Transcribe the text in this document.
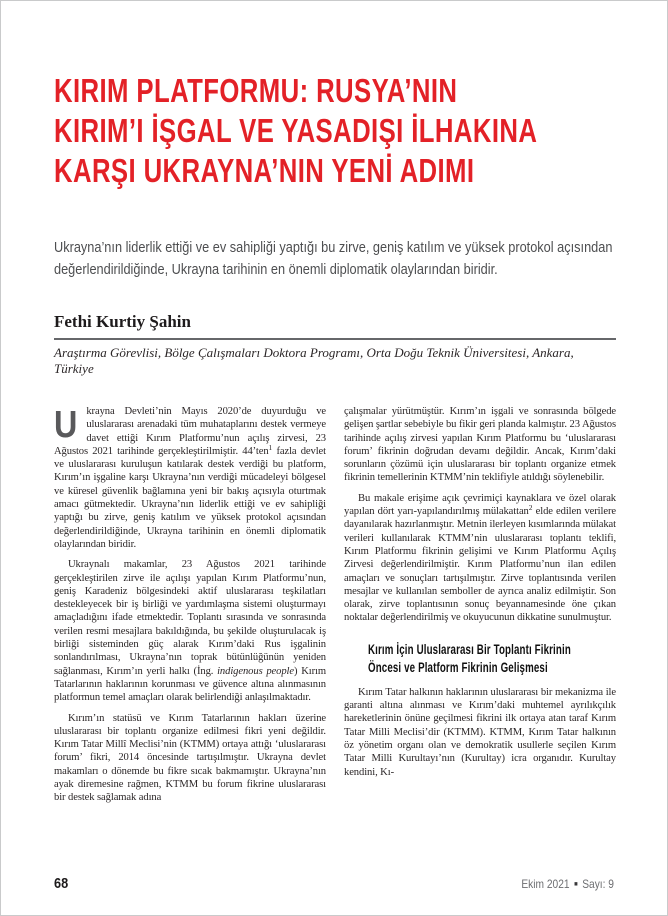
KIRIM PLATFORMU: RUSYA’NIN
KIRIM’I İŞGAL VE YASADIŞI İLHAKINA
KARŞI UKRAYNA’NIN YENİ ADIMI
Ukrayna’nın liderlik ettiği ve ev sahipliği yaptığı bu zirve, geniş katılım ve yüksek protokol açısından değerlendirildiğinde, Ukrayna tarihinin en önemli diplomatik olaylarından biridir.
Fethi Kurtiy Şahin
Araştırma Görevlisi, Bölge Çalışmaları Doktora Programı, Orta Doğu Teknik Üniversitesi, Ankara, Türkiye

Ukrayna Devleti’nin Mayıs 2020’de duyurduğu ve uluslararası arenadaki tüm muhataplarını destek vermeye davet ettiği Kırım Platformu’nun açılış zirvesi, 23 Ağustos 2021 tarihinde gerçekleştirilmiştir. 44’ten$^1$ fazla devlet ve uluslararası kuruluşun katılarak destek verdiği bu platform, Kırım’ın işgaline karşı Ukrayna’nın verdiği mücadeleyi bölgesel ve küresel güvenlik bağlamına yeni bir bakış açısıyla oturtmak amacı gütmektedir. Ukrayna’nın liderlik ettiği ve ev sahipliği yaptığı bu zirve, geniş katılım ve yüksek protokol açısından değerlendirildiğinde, Ukrayna tarihinin en önemli diplomatik olaylarından biridir.

Ukraynalı makamlar, 23 Ağustos 2021 tarihinde gerçekleştirilen zirve ile açılışı yapılan Kırım Platformu’nun, geniş Karadeniz bölgesindeki aktif uluslararası teşkilatları destekleyecek bir iş birliği ve yardımlaşma sistemi oluşturmayı amaçladığını ifade etmektedir. Toplantı sırasında ve sonrasında verilen resmi mesajlara bakıldığında, bu şekilde oluşturulacak iş birliği sisteminden güç alarak Kırım’daki Rus işgalinin sonlandırılması, Ukrayna’nın toprak bütünlüğünün yeniden sağlanması, Kırım’ın yerli halkı (İng. indigenous people) Kırım Tatarlarının haklarının korunması ve güvence altına alınmasının platformun temel amaçları olarak belirlendiği anlaşılmaktadır.

Kırım’ın statüsü ve Kırım Tatarlarının hakları üzerine uluslararası bir toplantı organize edilmesi fikri yeni değildir. Kırım Tatar Millî Meclisi’nin (KTMM) ortaya attığı ‘uluslararası forum’ fikri, 2014 öncesinde tartışılmıştır. Ukrayna devlet makamları o dönemde bu fikre sıcak bakmamıştır. Ukrayna’nın ayak diremesine rağmen, KTMM bu forum fikrine uluslararası bir destek sağlamak adına

çalışmalar yürütmüştür. Kırım’ın işgali ve sonrasında bölgede gelişen şartlar sebebiyle bu fikir geri planda kalmıştır. 23 Ağustos tarihinde açılış zirvesi yapılan Kırım Platformu bu ‘uluslararası forum’ fikrinin doğrudan devamı değildir. Ancak, Kırım’daki sorunların çözümü için uluslararası bir toplantı organize etmek fikrinin temellerinin KTMM’nin teklifiyle atıldığı söylenebilir.

Bu makale erişime açık çevrimiçi kaynaklara ve özel olarak yapılan dört yarı-yapılandırılmış mülakattan$^2$ elde edilen verilere dayanılarak hazırlanmıştır. Metnin ilerleyen kısımlarında mülakat verileri kullanılarak KTMM’nin uluslararası toplantı teklifi, Kırım Platformu fikrinin gelişimi ve Kırım Platformu Açılış Zirvesi değerlendirilmiştir. Kırım Platformu’nun ilan edilen amaçları ve sonuçları tartışılmıştır. Zirve toplantısında verilen mesajlar ve kullanılan semboller de ayrıca analiz edilmiştir. Son olarak, zirve toplantısının sonuç beyannamesinde öne çıkan noktalar değerlendirilmiş ve okuyucunun dikkatine sunulmuştur.

Kırım İçin Uluslararası Bir Toplantı Fikrinin
Öncesi ve Platform Fikrinin Gelişmesi

Kırım Tatar halkının haklarının uluslararası bir mekanizma ile garanti altına alınması ve Kırım’daki muhtemel ayrılıkçılık hareketlerinin önüne geçilmesi fikrini ilk ortaya atan taraf Kırım Tatar Milli Meclisi’dir (KTMM). KTMM, Kırım Tatar halkının öz yönetim organı olan ve demokratik usullerle seçilen Kırım Tatar Milli Kurultayı’nın (Kurultay) icra organıdır. Kurultay kendini, Kı-

68	Ekim 2021 ■ Sayı: 9
